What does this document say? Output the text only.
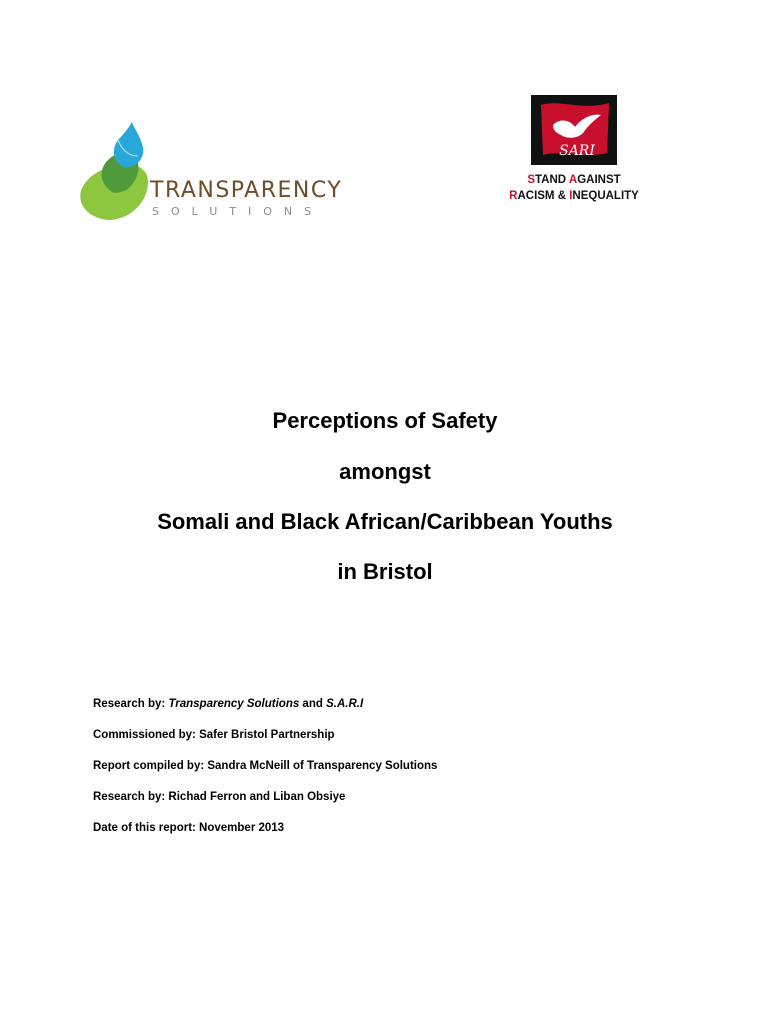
TRANSPARENCY
SOLUTIONS
SARI
STAND AGAINST
RACISM & INEQUALITY
Perceptions of Safety
amongst
Somali and Black African/Caribbean Youths
in Bristol
Research by: Transparency Solutions and S.A.R.I
Commissioned by: Safer Bristol Partnership
Report compiled by: Sandra McNeill of Transparency Solutions
Research by: Richad Ferron and Liban Obsiye
Date of this report: November 2013
